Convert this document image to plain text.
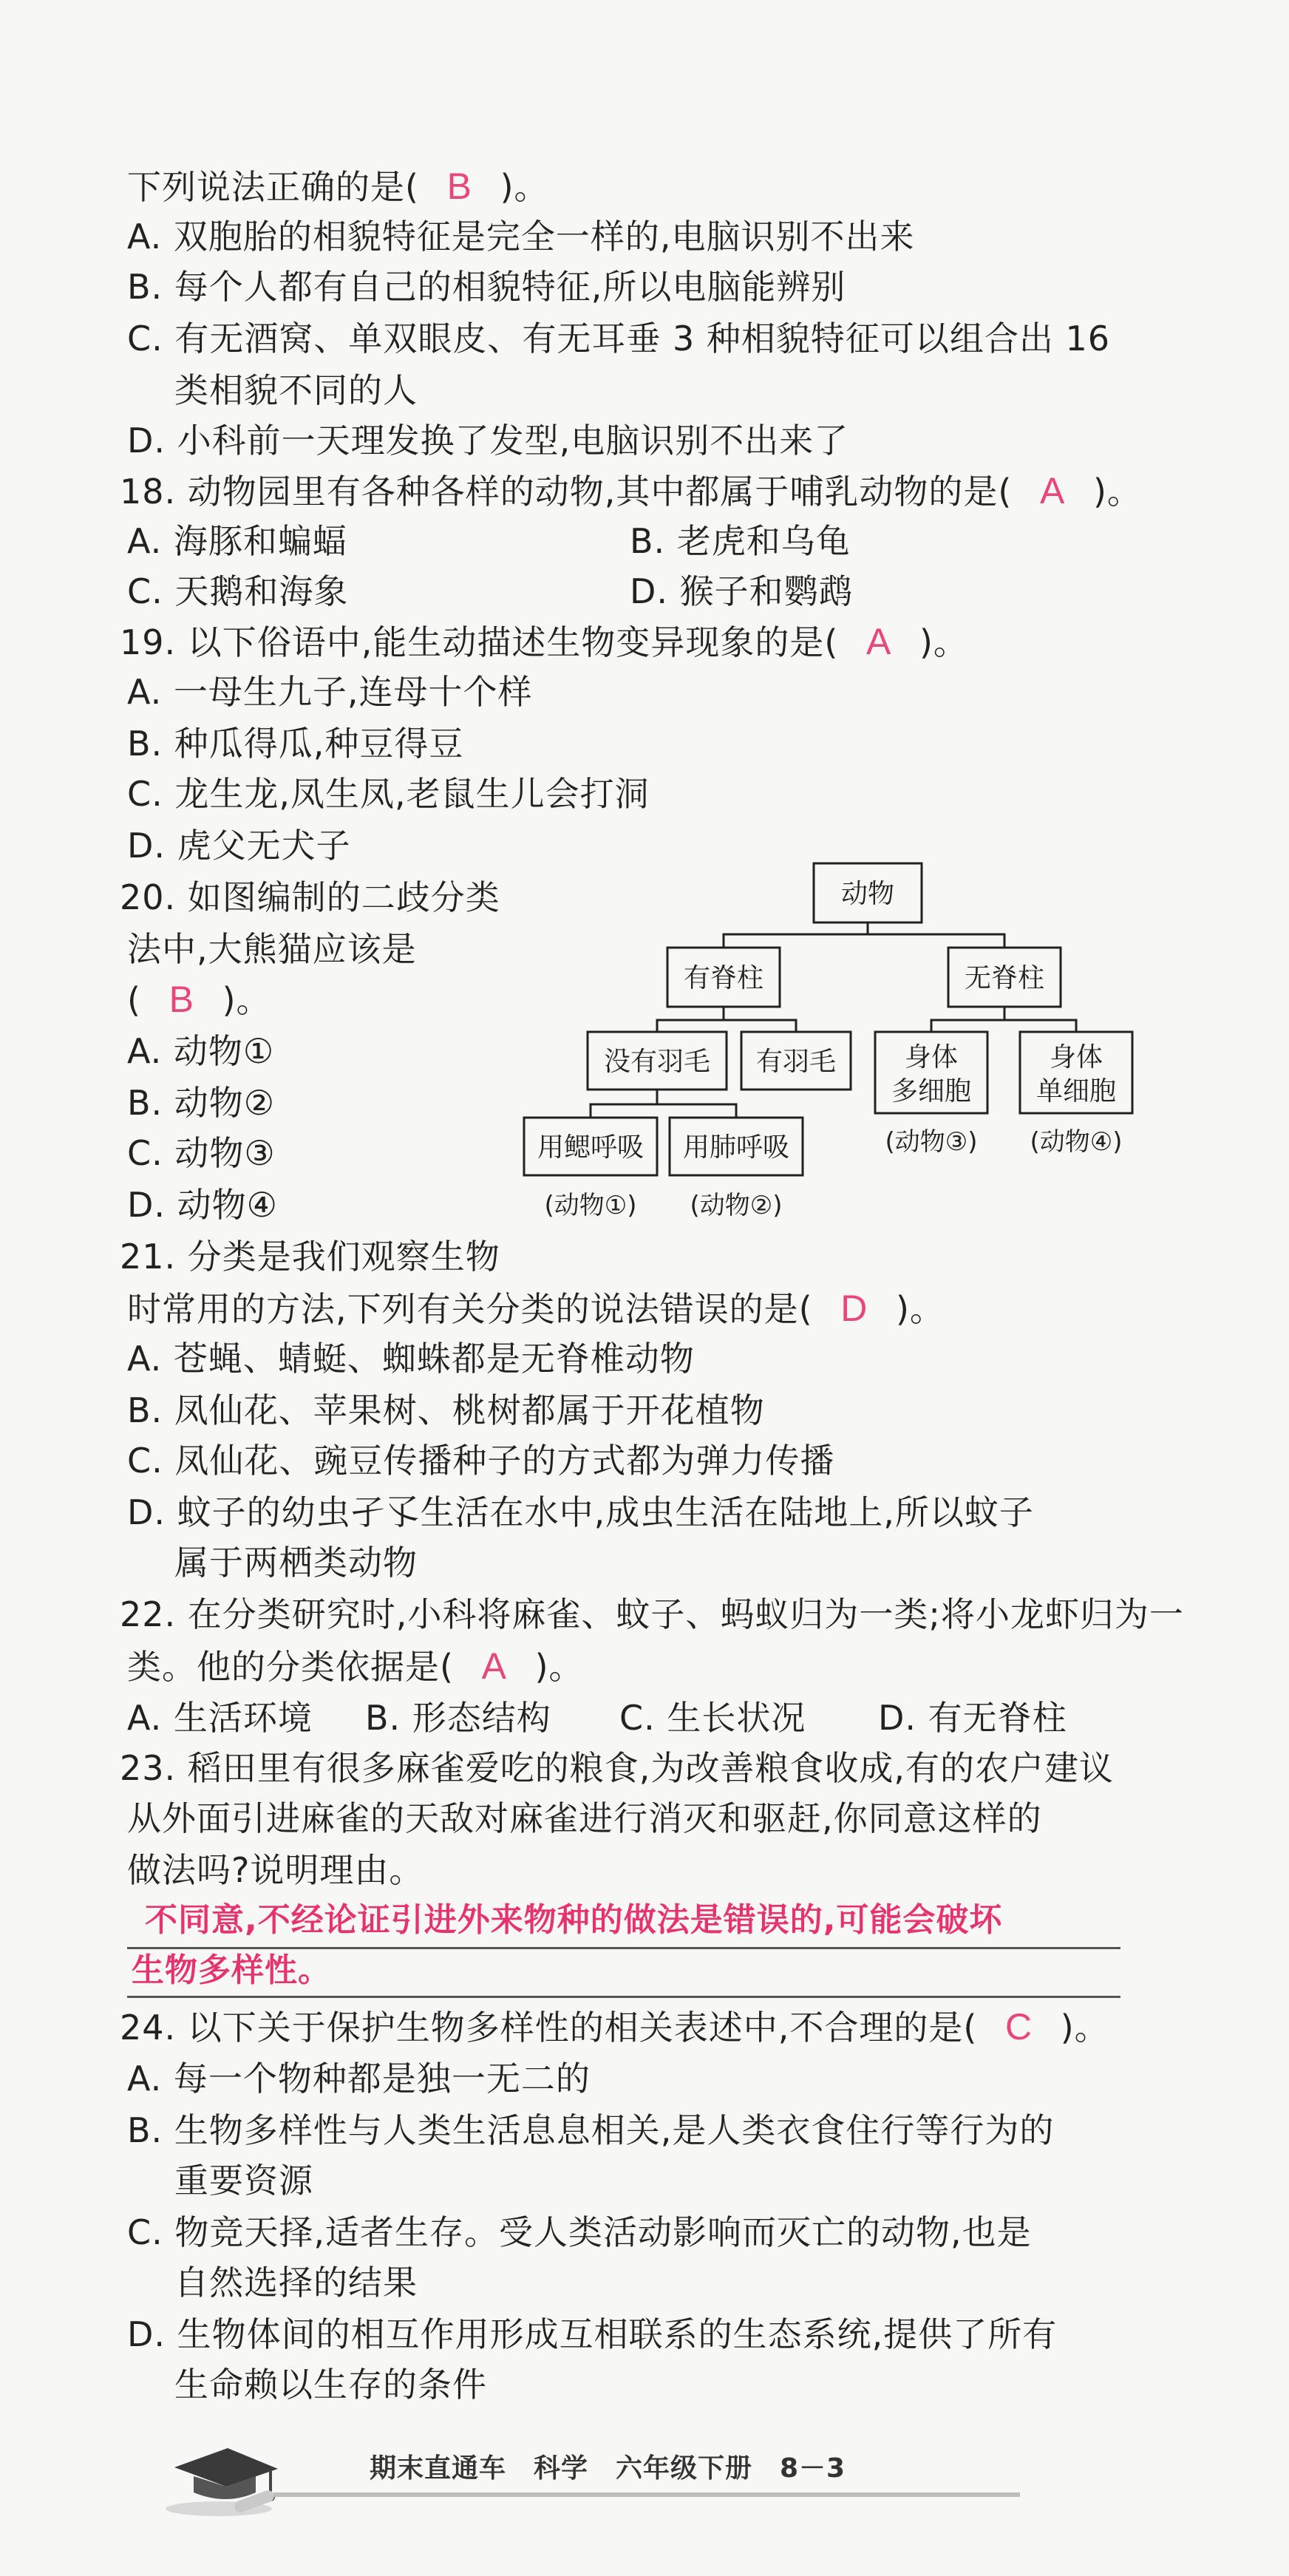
下列说法正确的是( B )。
A. 双胞胎的相貌特征是完全一样的,电脑识别不出来
B. 每个人都有自己的相貌特征,所以电脑能辨别
C. 有无酒窝、单双眼皮、有无耳垂 3 种相貌特征可以组合出 16
类相貌不同的人
D. 小科前一天理发换了发型,电脑识别不出来了
18. 动物园里有各种各样的动物,其中都属于哺乳动物的是( A )。
A. 海豚和蝙蝠	B. 老虎和乌龟
C. 天鹅和海象	D. 猴子和鹦鹉
19. 以下俗语中,能生动描述生物变异现象的是( A )。
A. 一母生九子,连母十个样
B. 种瓜得瓜,种豆得豆
C. 龙生龙,凤生凤,老鼠生儿会打洞
D. 虎父无犬子
20. 如图编制的二歧分类
法中,大熊猫应该是
( B )。
A. 动物①
B. 动物②
C. 动物③
D. 动物④
动物
有脊柱	无脊柱
没有羽毛 有羽毛	身体
多细胞
身体
单细胞
用鳃呼吸 用肺呼吸	(动物③) (动物④)
(动物①) (动物②)
21. 分类是我们观察生物
时常用的方法,下列有关分类的说法错误的是( D )。
A. 苍蝇、蜻蜓、蜘蛛都是无脊椎动物
B. 凤仙花、苹果树、桃树都属于开花植物
C. 凤仙花、豌豆传播种子的方式都为弹力传播
D. 蚊子的幼虫孑孓生活在水中,成虫生活在陆地上,所以蚊子
属于两栖类动物
22. 在分类研究时,小科将麻雀、蚊子、蚂蚁归为一类;将小龙虾归为一
类。他的分类依据是( A )。
A. 生活环境 B. 形态结构 C. 生长状况 D. 有无脊柱
23. 稻田里有很多麻雀爱吃的粮食,为改善粮食收成,有的农户建议
从外面引进麻雀的天敌对麻雀进行消灭和驱赶,你同意这样的
做法吗?说明理由。
不同意,不经论证引进外来物种的做法是错误的,可能会破坏
生物多样性。
24. 以下关于保护生物多样性的相关表述中,不合理的是( C )。
A. 每一个物种都是独一无二的
B. 生物多样性与人类生活息息相关,是人类衣食住行等行为的
重要资源
C. 物竞天择,适者生存。受人类活动影响而灭亡的动物,也是
自然选择的结果
D. 生物体间的相互作用形成互相联系的生态系统,提供了所有
生命赖以生存的条件
期末直通车　科学　六年级下册　8－3
